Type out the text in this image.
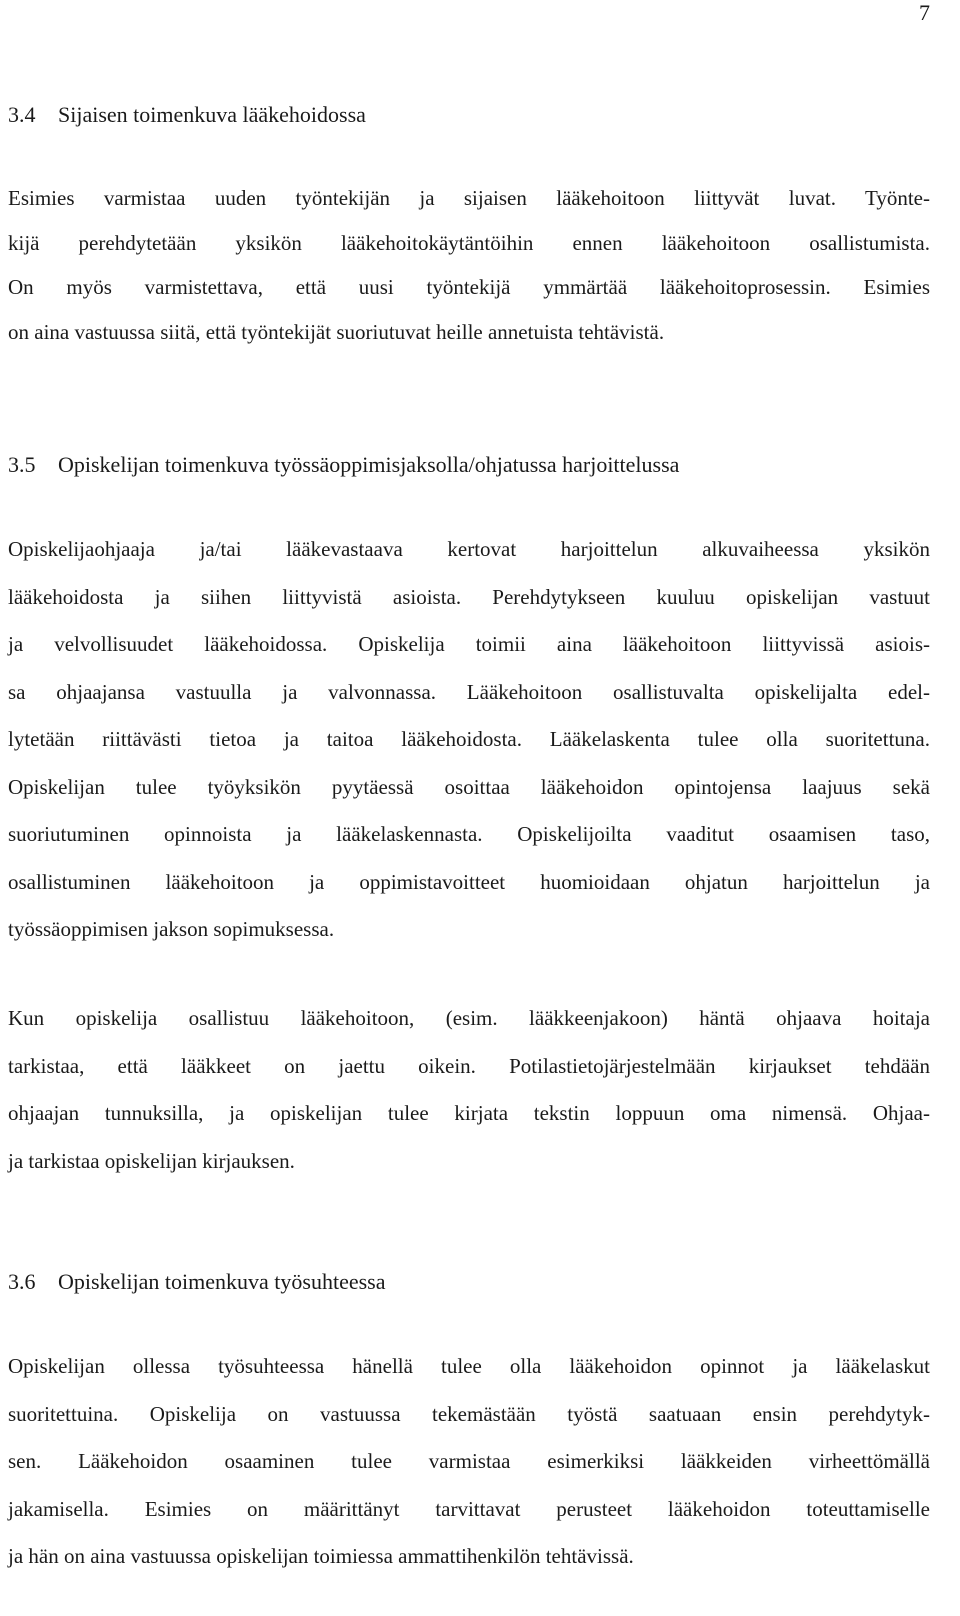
7
3.4 Sijaisen toimenkuva lääkehoidossa
Esimies varmistaa uuden työntekijän ja sijaisen lääkehoitoon liittyvät luvat. Työnte-
kijä perehdytetään yksikön lääkehoitokäytäntöihin ennen lääkehoitoon osallistumista.
On myös varmistettava, että uusi työntekijä ymmärtää lääkehoitoprosessin. Esimies
on aina vastuussa siitä, että työntekijät suoriutuvat heille annetuista tehtävistä.
3.5 Opiskelijan toimenkuva työssäoppimisjaksolla/ohjatussa harjoittelussa
Opiskelijaohjaaja ja/tai lääkevastaava kertovat harjoittelun alkuvaiheessa yksikön
lääkehoidosta ja siihen liittyvistä asioista. Perehdytykseen kuuluu opiskelijan vastuut
ja velvollisuudet lääkehoidossa. Opiskelija toimii aina lääkehoitoon liittyvissä asiois-
sa ohjaajansa vastuulla ja valvonnassa. Lääkehoitoon osallistuvalta opiskelijalta edel-
lytetään riittävästi tietoa ja taitoa lääkehoidosta. Lääkelaskenta tulee olla suoritettuna.
Opiskelijan tulee työyksikön pyytäessä osoittaa lääkehoidon opintojensa laajuus sekä
suoriutuminen opinnoista ja lääkelaskennasta. Opiskelijoilta vaaditut osaamisen taso,
osallistuminen lääkehoitoon ja oppimistavoitteet huomioidaan ohjatun harjoittelun ja
työssäoppimisen jakson sopimuksessa.
Kun opiskelija osallistuu lääkehoitoon, (esim. lääkkeenjakoon) häntä ohjaava hoitaja
tarkistaa, että lääkkeet on jaettu oikein. Potilastietojärjestelmään kirjaukset tehdään
ohjaajan tunnuksilla, ja opiskelijan tulee kirjata tekstin loppuun oma nimensä. Ohjaa-
ja tarkistaa opiskelijan kirjauksen.
3.6 Opiskelijan toimenkuva työsuhteessa
Opiskelijan ollessa työsuhteessa hänellä tulee olla lääkehoidon opinnot ja lääkelaskut
suoritettuina. Opiskelija on vastuussa tekemästään työstä saatuaan ensin perehdytyk-
sen. Lääkehoidon osaaminen tulee varmistaa esimerkiksi lääkkeiden virheettömällä
jakamisella. Esimies on määrittänyt tarvittavat perusteet lääkehoidon toteuttamiselle
ja hän on aina vastuussa opiskelijan toimiessa ammattihenkilön tehtävissä.
